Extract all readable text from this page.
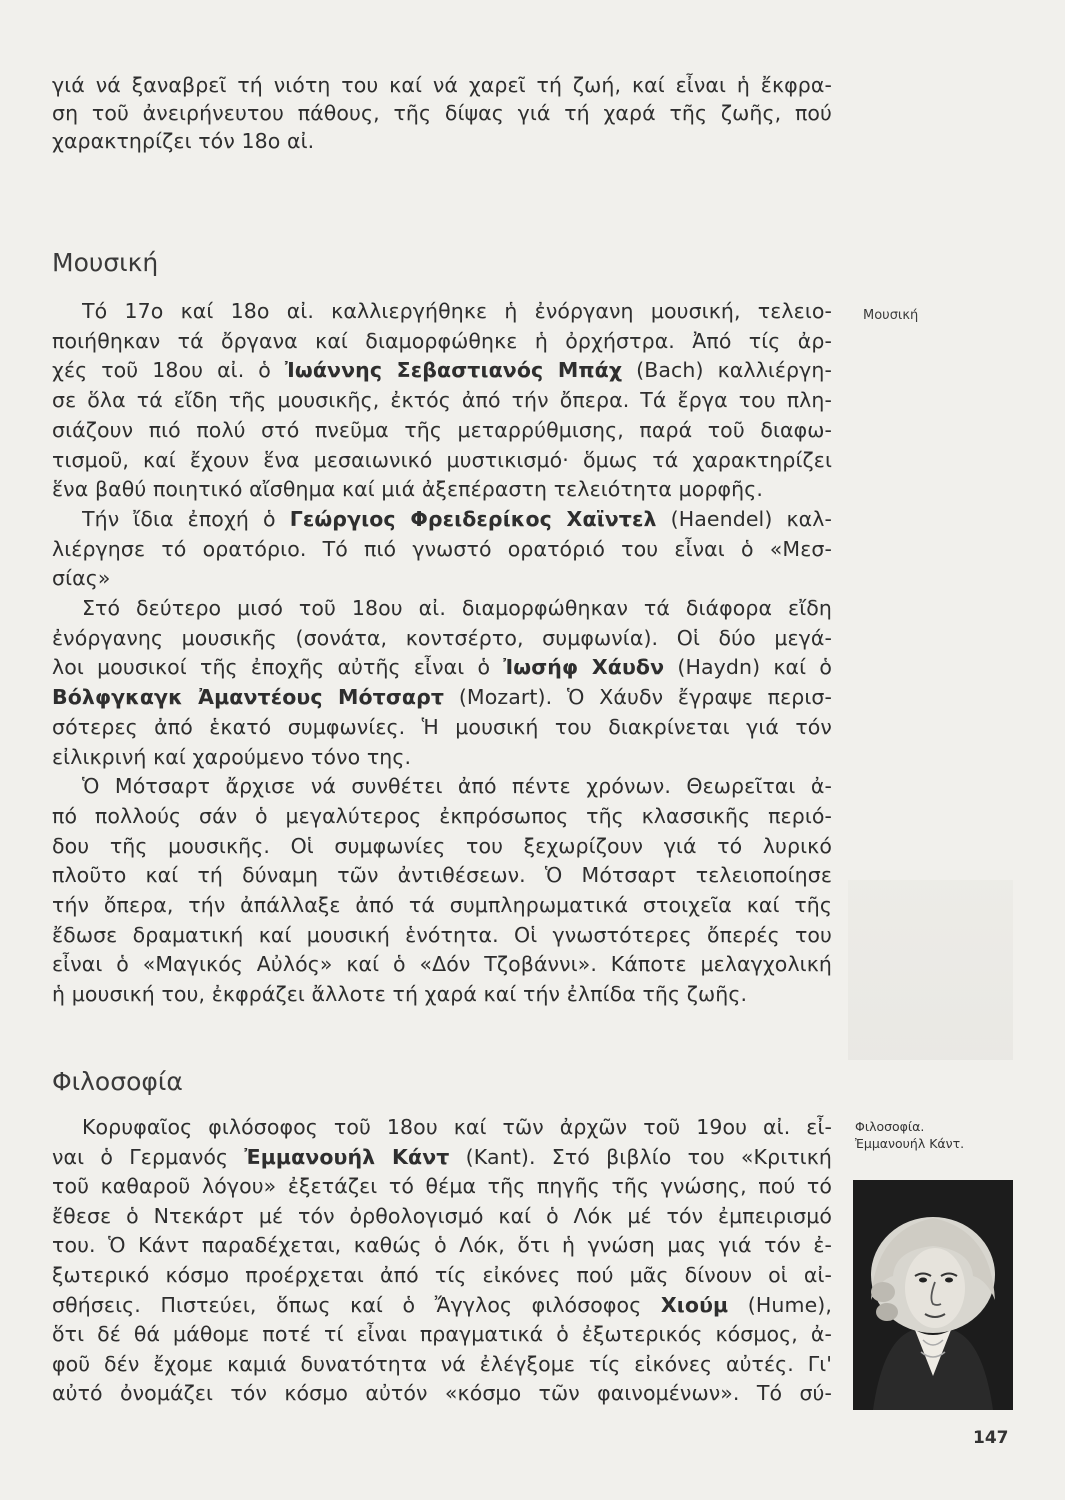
γιά νά ξαναβρεῖ τή νιότη του καί νά χαρεῖ τή ζωή, καί εἶναι ἡ ἔκφρα-
ση τοῦ ἀνειρήνευτου πάθους, τῆς δίψας γιά τή χαρά τῆς ζωῆς, πού
χαρακτηρίζει τόν 18ο αἰ.
Μουσική
Μουσική
Τό 17ο καί 18ο αἰ. καλλιεργήθηκε ἡ ἐνόργανη μουσική, τελειο-
ποιήθηκαν τά ὄργανα καί διαμορφώθηκε ἡ ὀρχήστρα. Ἀπό τίς ἀρ-
χές τοῦ 18ου αἰ. ὁ Ἰωάννης Σεβαστιανός Μπάχ (Bach) καλλιέργη-
σε ὅλα τά εἴδη τῆς μουσικῆς, ἐκτός ἀπό τήν ὄπερα. Τά ἔργα του πλη-
σιάζουν πιό πολύ στό πνεῦμα τῆς μεταρρύθμισης, παρά τοῦ διαφω-
τισμοῦ, καί ἔχουν ἕνα μεσαιωνικό μυστικισμό· ὅμως τά χαρακτηρίζει
ἕνα βαθύ ποιητικό αἴσθημα καί μιά ἀξεπέραστη τελειότητα μορφῆς.
Τήν ἴδια ἐποχή ὁ Γεώργιος Φρειδερίκος Χαϊντελ (Haendel) καλ-
λιέργησε τό ορατόριο. Τό πιό γνωστό ορατόριό του εἶναι ὁ «Μεσ-
σίας»
Στό δεύτερο μισό τοῦ 18ου αἰ. διαμορφώθηκαν τά διάφορα εἴδη
ἐνόργανης μουσικῆς (σονάτα, κοντσέρτο, συμφωνία). Οἱ δύο μεγά-
λοι μουσικοί τῆς ἐποχῆς αὐτῆς εἶναι ὁ Ἰωσήφ Χάυδν (Haydn) καί ὁ
Βόλφγκαγκ Ἀμαντέους Μότσαρτ (Mozart). Ὁ Χάυδν ἔγραψε περισ-
σότερες ἀπό ἑκατό συμφωνίες. Ἡ μουσική του διακρίνεται γιά τόν
εἰλικρινή καί χαρούμενο τόνο της.
Ὁ Μότσαρτ ἄρχισε νά συνθέτει ἀπό πέντε χρόνων. Θεωρεῖται ἀ-
πό πολλούς σάν ὁ μεγαλύτερος ἐκπρόσωπος τῆς κλασσικῆς περιό-
δου τῆς μουσικῆς. Οἱ συμφωνίες του ξεχωρίζουν γιά τό λυρικό
πλοῦτο καί τή δύναμη τῶν ἀντιθέσεων. Ὁ Μότσαρτ τελειοποίησε
τήν ὄπερα, τήν ἀπάλλαξε ἀπό τά συμπληρωματικά στοιχεῖα καί τῆς
ἔδωσε δραματική καί μουσική ἑνότητα. Οἱ γνωστότερες ὄπερές του
εἶναι ὁ «Μαγικός Αὐλός» καί ὁ «Δόν Τζοβάννι». Κάποτε μελαγχολική
ἡ μουσική του, ἐκφράζει ἄλλοτε τή χαρά καί τήν ἐλπίδα τῆς ζωῆς.
Φιλοσοφία
Κορυφαῖος φιλόσοφος τοῦ 18ου καί τῶν ἀρχῶν τοῦ 19ου αἰ. εἶ-
ναι ὁ Γερμανός Ἐμμανουήλ Κάντ (Kant). Στό βιβλίο του «Κριτική
τοῦ καθαροῦ λόγου» ἐξετάζει τό θέμα τῆς πηγῆς τῆς γνώσης, πού τό
ἔθεσε ὁ Ντεκάρτ μέ τόν ὀρθολογισμό καί ὁ Λόκ μέ τόν ἐμπειρισμό
του. Ὁ Κάντ παραδέχεται, καθώς ὁ Λόκ, ὅτι ἡ γνώση μας γιά τόν ἐ-
ξωτερικό κόσμο προέρχεται ἀπό τίς εἰκόνες πού μᾶς δίνουν οἱ αἰ-
σθήσεις. Πιστεύει, ὅπως καί ὁ Ἄγγλος φιλόσοφος Χιούμ (Hume),
ὅτι δέ θά μάθομε ποτέ τί εἶναι πραγματικά ὁ ἐξωτερικός κόσμος, ἀ-
φοῦ δέν ἔχομε καμιά δυνατότητα νά ἐλέγξομε τίς εἰκόνες αὐτές. Γι'
αὐτό ὀνομάζει τόν κόσμο αὐτόν «κόσμο τῶν φαινομένων». Τό σύ-
Φιλοσοφία.
Ἐμμανουήλ Κάντ.
147
